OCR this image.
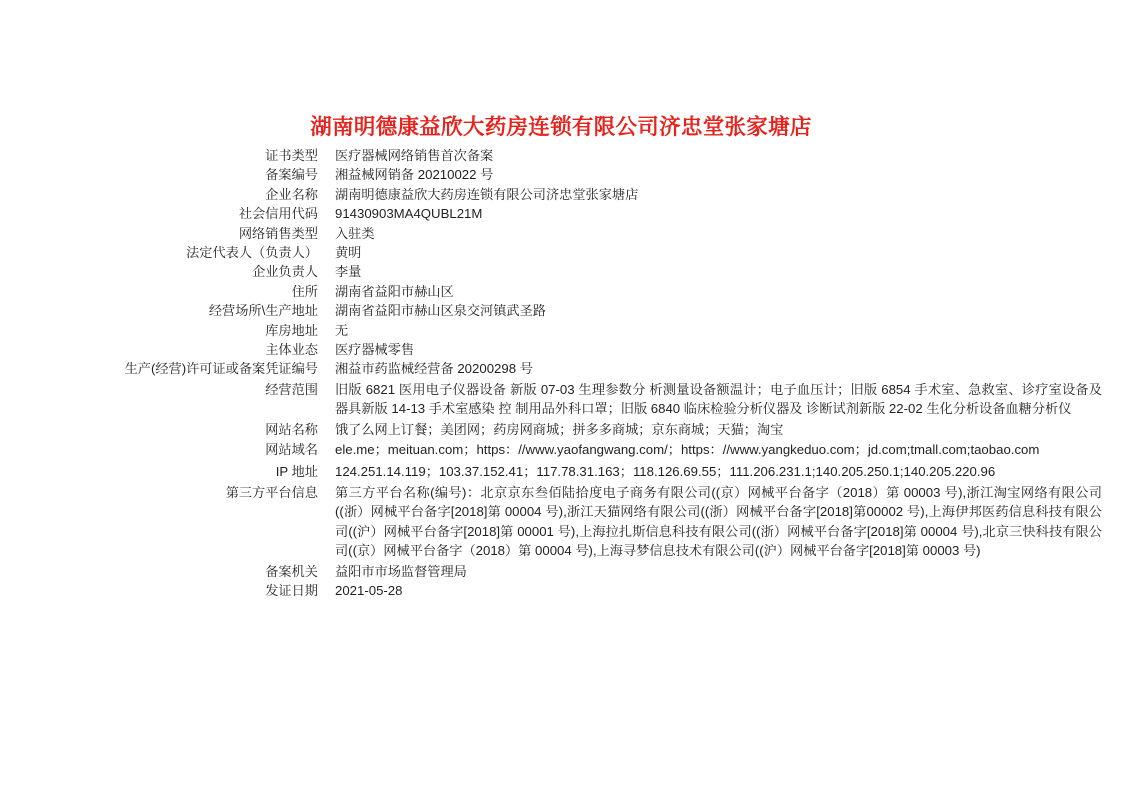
湖南明德康益欣大药房连锁有限公司济忠堂张家塘店
证书类型	医疗器械网络销售首次备案
备案编号	湘益械网销备 20210022 号
企业名称	湖南明德康益欣大药房连锁有限公司济忠堂张家塘店
社会信用代码	91430903MA4QUBL21M
网络销售类型	入驻类
法定代表人（负责人）	黄明
企业负责人	李量
住所	湖南省益阳市赫山区
经营场所\生产地址	湖南省益阳市赫山区泉交河镇武圣路
库房地址	无
主体业态	医疗器械零售
生产(经营)许可证或备案凭证编号	湘益市药监械经营备 20200298 号
经营范围	旧版 6821 医用电子仪器设备 新版 07-03 生理参数分 析测量设备额温计；电子血压计；旧版 6854 手术室、急救室、诊疗室设备及器具新版 14-13 手术室感染 控 制用品外科口罩；旧版 6840 临床检验分析仪器及 诊断试剂新版 22-02 生化分析设备血糖分析仪
网站名称	饿了么网上订餐；美团网；药房网商城；拼多多商城；京东商城；天猫；淘宝
网站域名	ele.me；meituan.com；https：//www.yaofangwang.com/；https：//www.yangkeduo.com；jd.com;tmall.com;taobao.com
IP 地址	124.251.14.119；103.37.152.41；117.78.31.163；118.126.69.55；111.206.231.1;140.205.250.1;140.205.220.96
第三方平台信息	第三方平台名称(编号)：北京京东叁佰陆拾度电子商务有限公司((京）网械平台备字（2018）第 00003 号),浙江淘宝网络有限公司((浙）网械平台备字[2018]第 00004 号),浙江天猫网络有限公司((浙）网械平台备字[2018]第00002 号),上海伊邦医药信息科技有限公司((沪）网械平台备字[2018]第 00001 号),上海拉扎斯信息科技有限公司((浙）网械平台备字[2018]第 00004 号),北京三快科技有限公司((京）网械平台备字（2018）第 00004 号),上海寻梦信息技术有限公司((沪）网械平台备字[2018]第 00003 号)
备案机关	益阳市市场监督管理局
发证日期	2021-05-28
